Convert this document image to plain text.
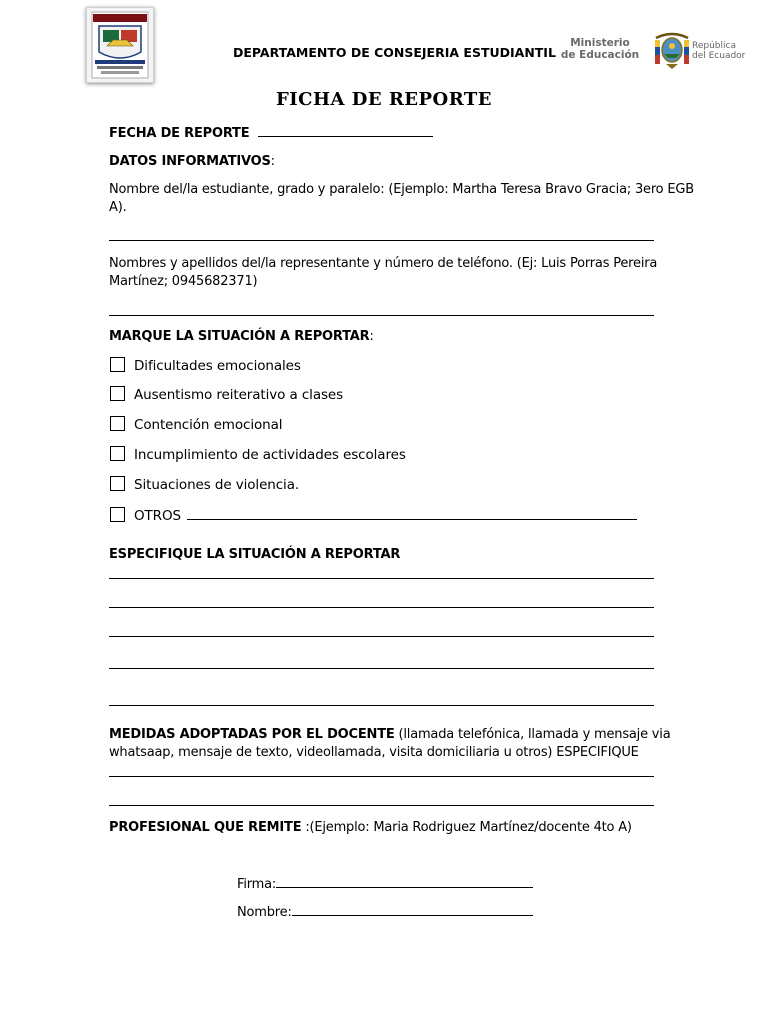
DEPARTAMENTO DE CONSEJERIA ESTUDIANTIL
Ministerio
de Educación
República
del Ecuador
FICHA DE REPORTE
FECHA DE REPORTE
DATOS INFORMATIVOS:
Nombre del/la estudiante, grado y paralelo: (Ejemplo: Martha Teresa Bravo Gracia; 3ero EGB
A).
Nombres y apellidos del/la representante y número de teléfono. (Ej: Luis Porras Pereira
Martínez; 0945682371)
MARQUE LA SITUACIÓN A REPORTAR:
Dificultades emocionales
Ausentismo reiterativo a clases
Contención emocional
Incumplimiento de actividades escolares
Situaciones de violencia.
OTROS
ESPECIFIQUE LA SITUACIÓN A REPORTAR
MEDIDAS ADOPTADAS POR EL DOCENTE (llamada telefónica, llamada y mensaje via
whatsaap, mensaje de texto, videollamada, visita domiciliaria u otros) ESPECIFIQUE
PROFESIONAL QUE REMITE :(Ejemplo: Maria Rodriguez Martínez/docente 4to A)
Firma:
Nombre:
